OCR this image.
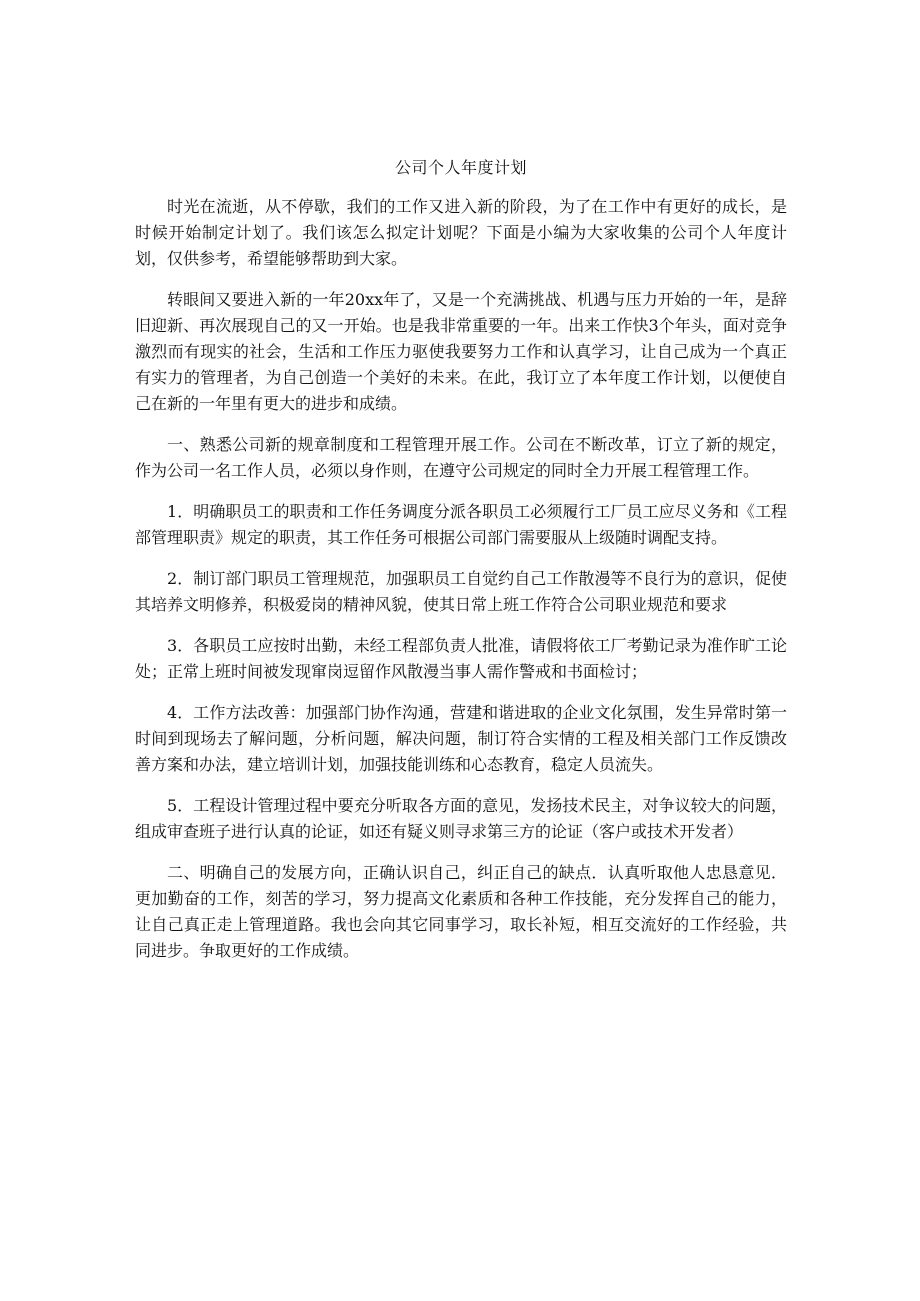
公司个人年度计划

时光在流逝，从不停歇，我们的工作又进入新的阶段，为了在工作中有更好的成长，是时候开始制定计划了。我们该怎么拟定计划呢？下面是小编为大家收集的公司个人年度计划，仅供参考，希望能够帮助到大家。

转眼间又要进入新的一年20xx年了，又是一个充满挑战、机遇与压力开始的一年，是辞旧迎新、再次展现自己的又一开始。也是我非常重要的一年。出来工作快3个年头，面对竞争激烈而有现实的社会，生活和工作压力驱使我要努力工作和认真学习，让自己成为一个真正有实力的管理者，为自己创造一个美好的未来。在此，我订立了本年度工作计划，以便使自己在新的一年里有更大的进步和成绩。

一、熟悉公司新的规章制度和工程管理开展工作。公司在不断改革，订立了新的规定，作为公司一名工作人员，必须以身作则，在遵守公司规定的同时全力开展工程管理工作。

1．明确职员工的职责和工作任务调度分派各职员工必须履行工厂员工应尽义务和《工程部管理职责》规定的职责，其工作任务可根据公司部门需要服从上级随时调配支持。

2．制订部门职员工管理规范，加强职员工自觉约自己工作散漫等不良行为的意识，促使其培养文明修养，积极爱岗的精神风貌，使其日常上班工作符合公司职业规范和要求

3．各职员工应按时出勤，未经工程部负责人批准，请假将依工厂考勤记录为准作旷工论处；正常上班时间被发现窜岗逗留作风散漫当事人需作警戒和书面检讨；

4．工作方法改善：加强部门协作沟通，营建和谐进取的企业文化氛围，发生异常时第一时间到现场去了解问题，分析问题，解决问题，制订符合实情的工程及相关部门工作反馈改善方案和办法，建立培训计划，加强技能训练和心态教育，稳定人员流失。

5．工程设计管理过程中要充分听取各方面的意见，发扬技术民主，对争议较大的问题，组成审查班子进行认真的论证，如还有疑义则寻求第三方的论证（客户或技术开发者）

二、明确自己的发展方向，正确认识自己，纠正自己的缺点．认真听取他人忠恳意见．更加勤奋的工作，刻苦的学习，努力提高文化素质和各种工作技能，充分发挥自己的能力，让自己真正走上管理道路。我也会向其它同事学习，取长补短，相互交流好的工作经验，共同进步。争取更好的工作成绩。
